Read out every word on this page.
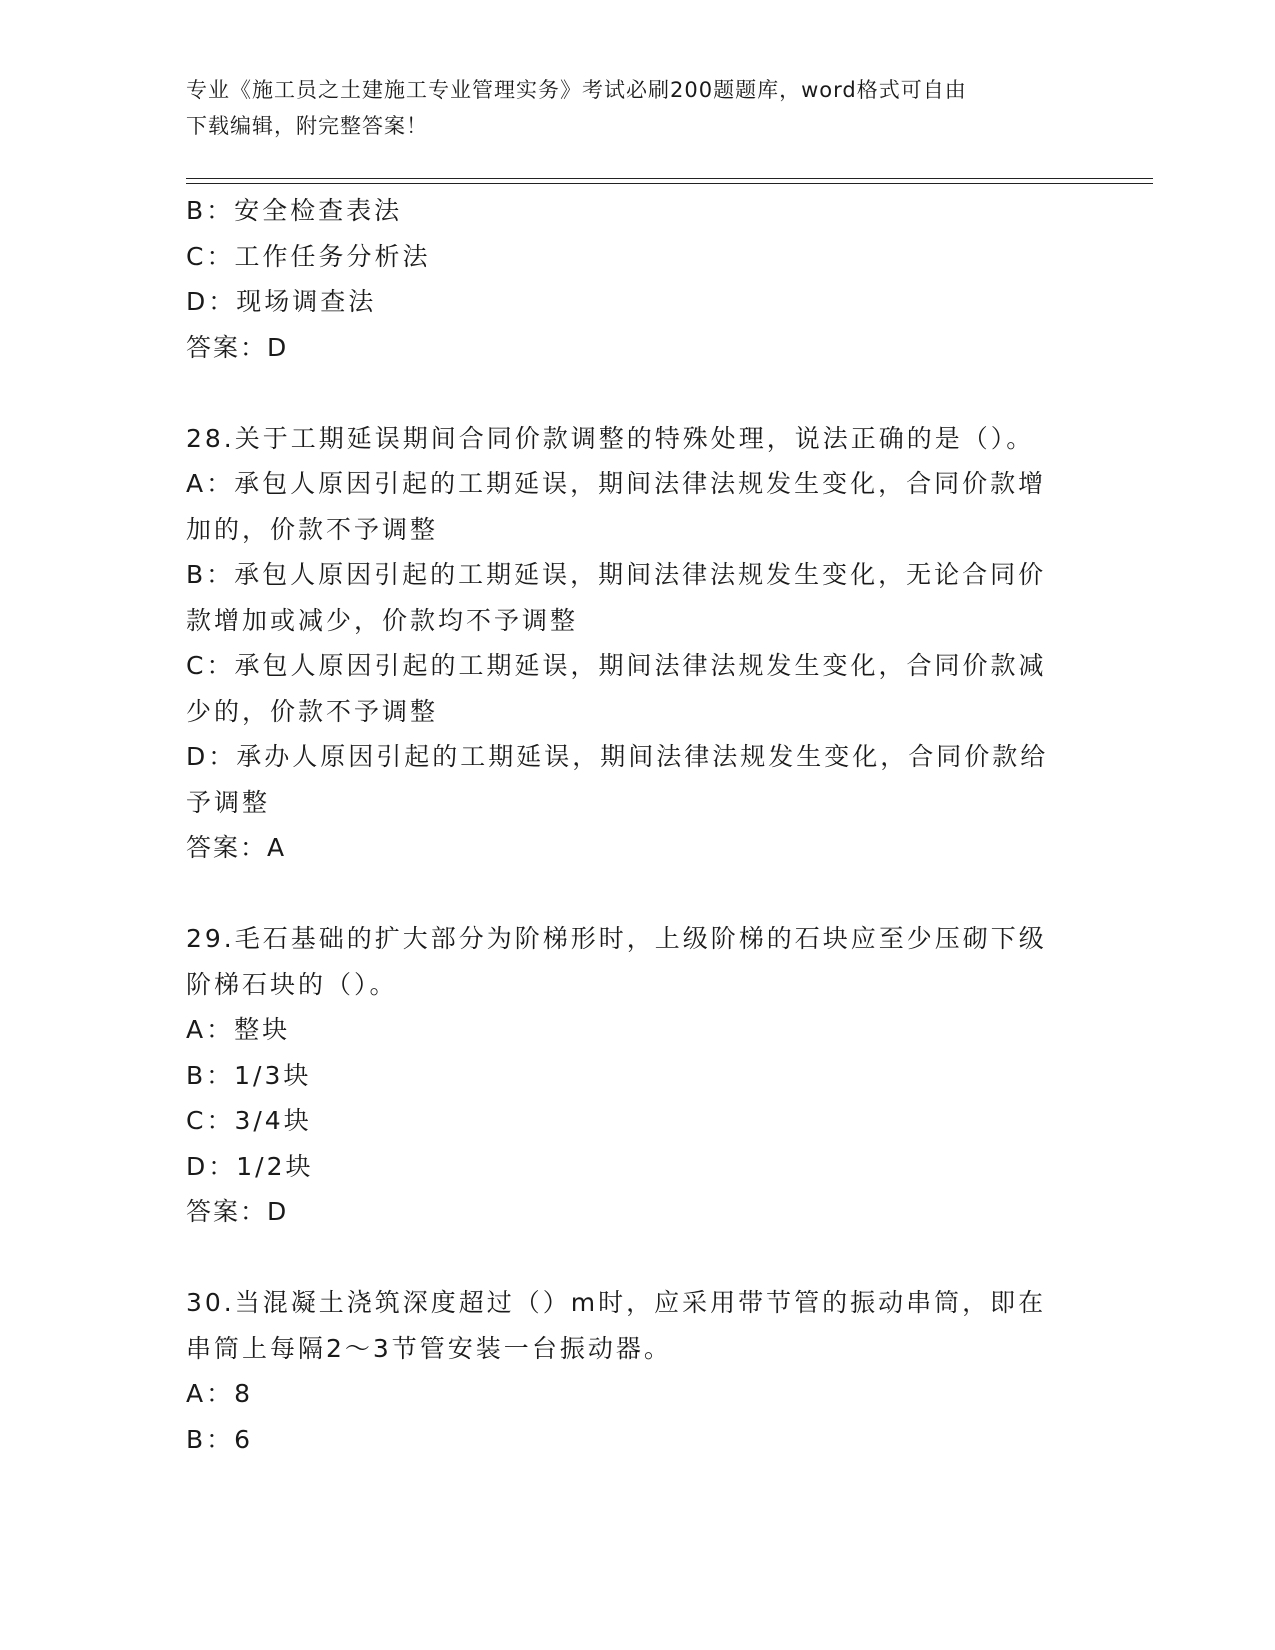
专业《施工员之土建施工专业管理实务》考试必刷200题题库，word格式可自由
下载编辑，附完整答案！
B：安全检查表法
C：工作任务分析法
D：现场调查法
答案：D
28.关于工期延误期间合同价款调整的特殊处理，说法正确的是（）。
A：承包人原因引起的工期延误，期间法律法规发生变化，合同价款增
加的，价款不予调整
B：承包人原因引起的工期延误，期间法律法规发生变化，无论合同价
款增加或减少，价款均不予调整
C：承包人原因引起的工期延误，期间法律法规发生变化，合同价款减
少的，价款不予调整
D：承办人原因引起的工期延误，期间法律法规发生变化，合同价款给
予调整
答案：A
29.毛石基础的扩大部分为阶梯形时，上级阶梯的石块应至少压砌下级
阶梯石块的（）。
A：整块
B：1/3块
C：3/4块
D：1/2块
答案：D
30.当混凝土浇筑深度超过（）m时，应采用带节管的振动串筒，即在
串筒上每隔2～3节管安装一台振动器。
A：8
B：6
